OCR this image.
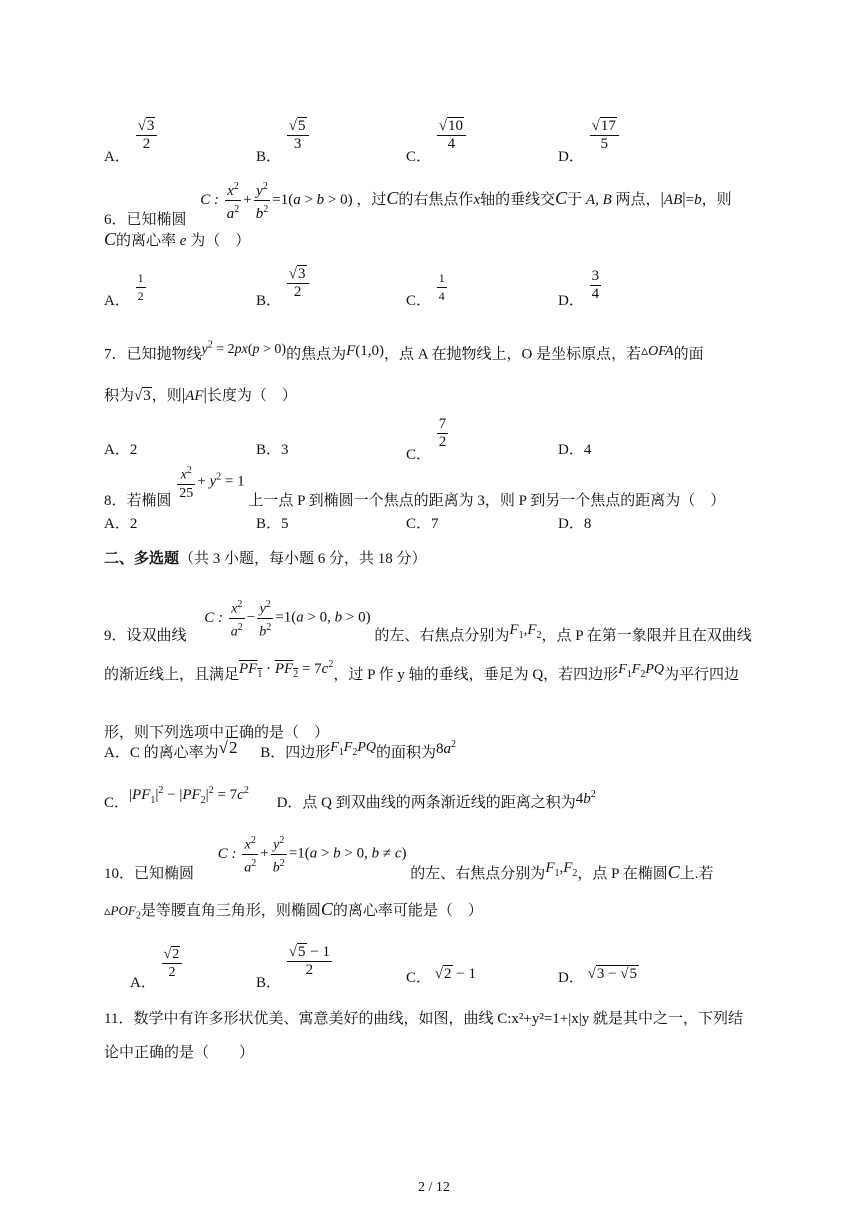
A．
$\frac{√3}{2}$
B．
$\frac{√5}{3}$
C．
$\frac{√10}{4}$
D．
$\frac{√17}{5}$
6．已知椭圆 C : $\frac{x^2}{a^2} + \frac{y^2}{b^2} =1(a > b > 0)$ ，过C的右焦点作x轴的垂线交C于 A, B 两点，|AB|=b，则
C的离心率 e 为（　）
A． $\frac{1}{2}$	B． $\frac{√3}{2}$	C． $\frac{1}{4}$	D． $\frac{3}{4}$
7．已知抛物线$y^2 = 2px(p > 0)$的焦点为F(1,0)，点 A 在抛物线上，O 是坐标原点，若▵OFA的面
积为√3，则|AF|长度为（　）
A．2	B．3	C．
$\frac{7}{2}$	D．4
8．若椭圆 $\frac{x^2}{25} + y^2 = 1$ 上一点 P 到椭圆一个焦点的距离为 3，则 P 到另一个焦点的距离为（　）
A．2	B．5	C．7	D．8
二、多选题（共 3 小题，每小题 6 分，共 18 分）
9．设双曲线 C : $\frac{x^2}{a^2} - \frac{y^2}{b^2} =1(a > 0$, b > 0) 的左、右焦点分别为$F_1,F_2$，点 P 在第一象限并且在双曲线
的渐近线上，且满足$PF_1 \cdot PF_2 = 7c^2$，过 P 作 y 轴的垂线，垂足为 Q，若四边形$F_1F_2PQ$为平行四边
形，则下列选项中正确的是（　）
A．C 的离心率为√2 B．四边形$F_1F_2PQ$的面积为$8a^2$
C．$|PF_1|^2 - |PF_2|^2 = 7c^2$ D．点 Q 到双曲线的两条渐近线的距离之积为$4b^2$
10．已知椭圆 C : $\frac{x^2}{a^2} + \frac{y^2}{b^2} =1(a > b > 0$, b ≠ c) 的左、右焦点分别为$F_1,F_2$，点 P 在椭圆C上.若
$▵POF_2$是等腰直角三角形，则椭圆C的离心率可能是（　）
A．
$\frac{√2}{2}$
B．
$\frac{√5 - 1}{2}$	C． √2 − 1	D． √3 − √5
11．数学中有许多形状优美、寓意美好的曲线，如图，曲线 C:x²+y²=1+|x|y 就是其中之一，下列结
论中正确的是（　　）
2 / 12
